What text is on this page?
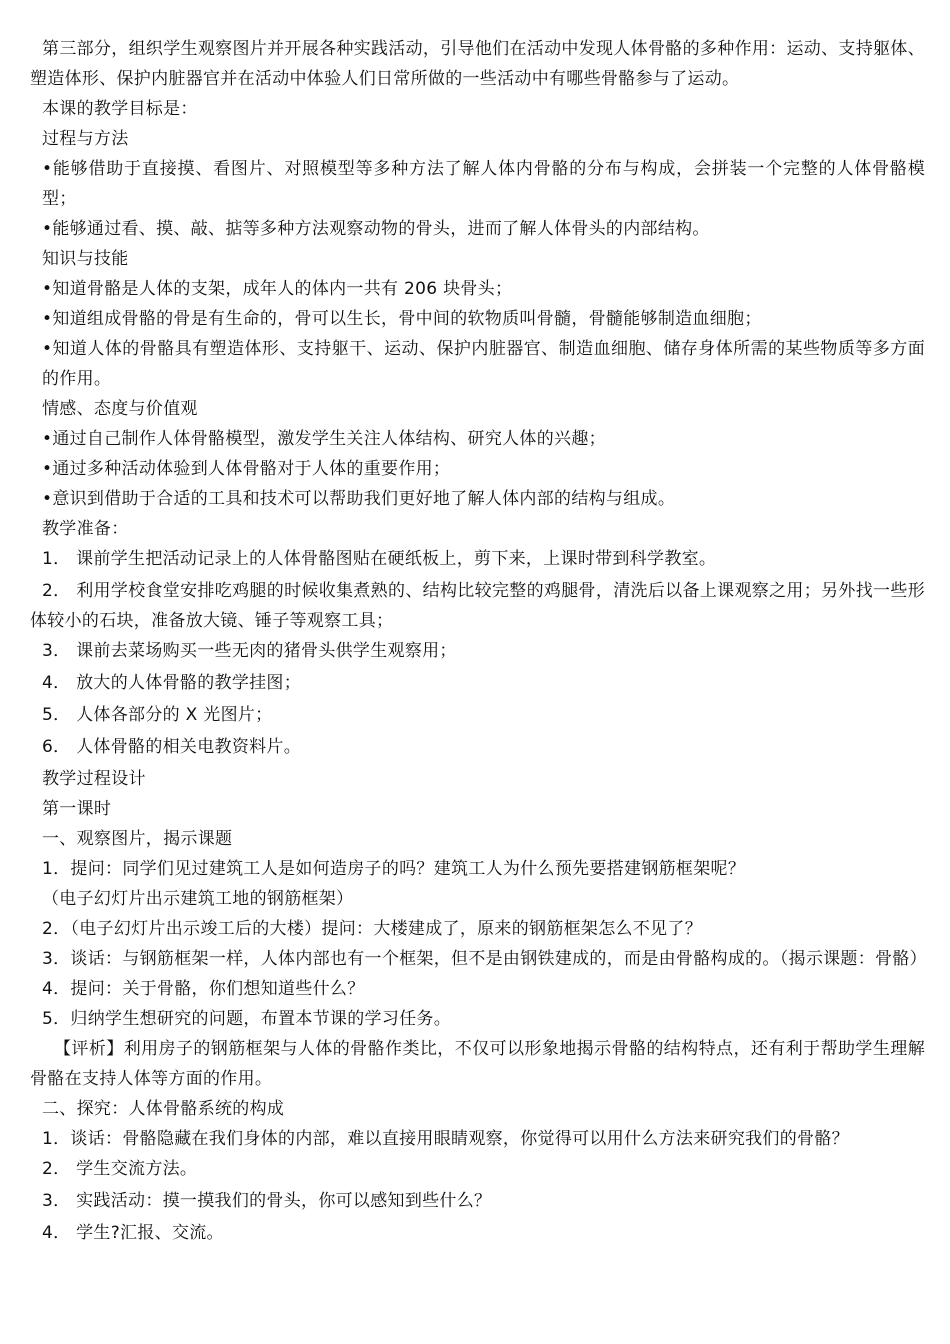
第三部分，组织学生观察图片并开展各种实践活动，引导他们在活动中发现人体骨骼的多种作用：运动、支持躯体、塑造体形、保护内脏器官并在活动中体验人们日常所做的一些活动中有哪些骨骼参与了运动。

本课的教学目标是：

过程与方法

•能够借助于直接摸、看图片、对照模型等多种方法了解人体内骨骼的分布与构成，会拼装一个完整的人体骨骼模型；

•能够通过看、摸、敲、掂等多种方法观察动物的骨头，进而了解人体骨头的内部结构。

知识与技能

•知道骨骼是人体的支架，成年人的体内一共有 206 块骨头；

•知道组成骨骼的骨是有生命的，骨可以生长，骨中间的软物质叫骨髓，骨髓能够制造血细胞；

•知道人体的骨骼具有塑造体形、支持躯干、运动、保护内脏器官、制造血细胞、储存身体所需的某些物质等多方面的作用。

情感、态度与价值观

•通过自己制作人体骨骼模型，激发学生关注人体结构、研究人体的兴趣；

•通过多种活动体验到人体骨骼对于人体的重要作用；

•意识到借助于合适的工具和技术可以帮助我们更好地了解人体内部的结构与组成。

教学准备：

1． 课前学生把活动记录上的人体骨骼图贴在硬纸板上，剪下来，上课时带到科学教室。

2． 利用学校食堂安排吃鸡腿的时候收集煮熟的、结构比较完整的鸡腿骨，清洗后以备上课观察之用；另外找一些形体较小的石块，准备放大镜、锤子等观察工具；

3． 课前去菜场购买一些无肉的猪骨头供学生观察用；

4． 放大的人体骨骼的教学挂图；

5． 人体各部分的 X 光图片；

6． 人体骨骼的相关电教资料片。

教学过程设计

第一课时

一、观察图片，揭示课题

1．提问：同学们见过建筑工人是如何造房子的吗？建筑工人为什么预先要搭建钢筋框架呢？

（电子幻灯片出示建筑工地的钢筋框架）

2．（电子幻灯片出示竣工后的大楼）提问：大楼建成了，原来的钢筋框架怎么不见了？

3．谈话：与钢筋框架一样，人体内部也有一个框架，但不是由钢铁建成的，而是由骨骼构成的。（揭示课题：骨骼）

4．提问：关于骨骼，你们想知道些什么？

5．归纳学生想研究的问题，布置本节课的学习任务。

【评析】利用房子的钢筋框架与人体的骨骼作类比，不仅可以形象地揭示骨骼的结构特点，还有利于帮助学生理解骨骼在支持人体等方面的作用。

二、探究：人体骨骼系统的构成

1．谈话：骨骼隐藏在我们身体的内部，难以直接用眼睛观察，你觉得可以用什么方法来研究我们的骨骼？

2． 学生交流方法。

3． 实践活动：摸一摸我们的骨头，你可以感知到些什么？

4． 学生?汇报、交流。
